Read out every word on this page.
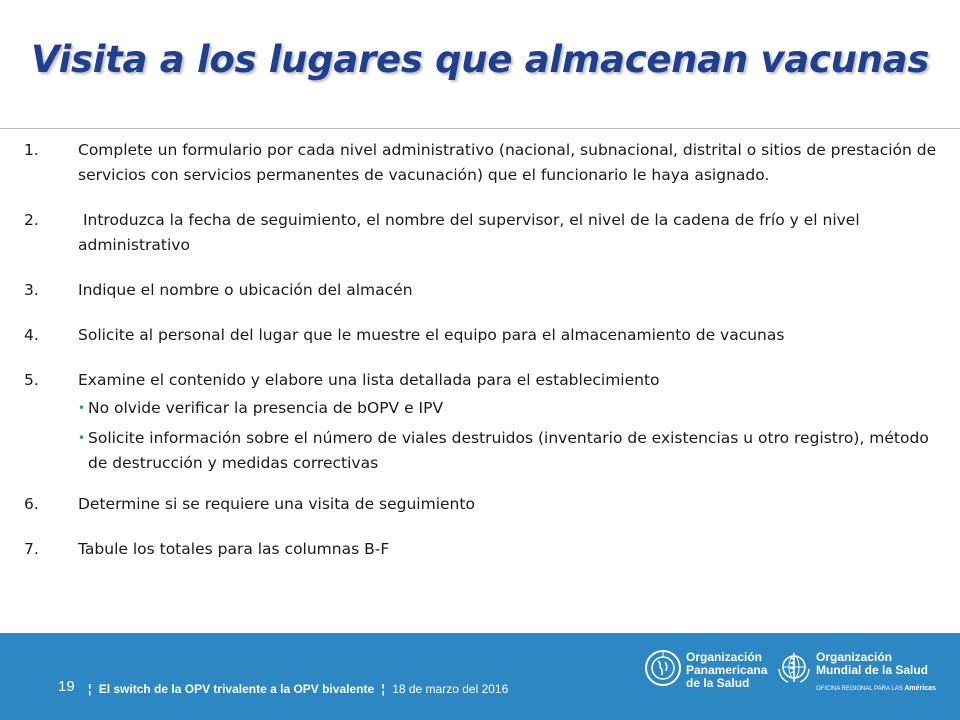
Visita a los lugares que almacenan vacunas
1.	Complete un formulario por cada nivel administrativo (nacional, subnacional, distrital o sitios de prestación de servicios con servicios permanentes de vacunación) que el funcionario le haya asignado.
2.	Introduzca la fecha de seguimiento, el nombre del supervisor, el nivel de la cadena de frío y el nivel administrativo
3.	Indique el nombre o ubicación del almacén
4.	Solicite al personal del lugar que le muestre el equipo para el almacenamiento de vacunas
5.	Examine el contenido y elabore una lista detallada para el establecimiento
• No olvide verificar la presencia de bOPV e IPV
• Solicite información sobre el número de viales destruidos (inventario de existencias u otro registro), método de destrucción y medidas correctivas
6.	Determine si se requiere una visita de seguimiento
7.	Tabule los totales para las columnas B-F
19	¦ El switch de la OPV trivalente a la OPV bivalente ¦ 18 de marzo del 2016
Organización
Panamericana
de la Salud
Organización
Mundial de la Salud
OFICINA REGIONAL PARA LAS Américas
